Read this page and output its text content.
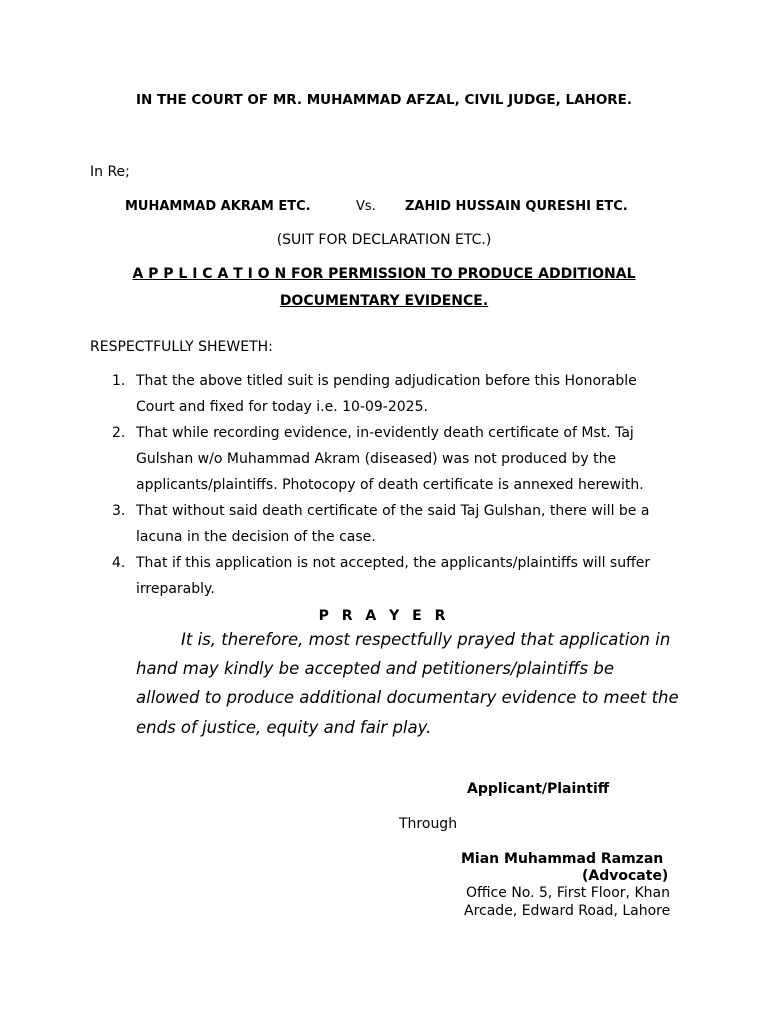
IN THE COURT OF MR. MUHAMMAD AFZAL, CIVIL JUDGE, LAHORE.
In Re;
MUHAMMAD AKRAM ETC.	Vs. ZAHID HUSSAIN QURESHI ETC.
(SUIT FOR DECLARATION ETC.)
A P P L I C A T I O N FOR PERMISSION TO PRODUCE ADDITIONAL
DOCUMENTARY EVIDENCE.
RESPECTFULLY SHEWETH:
1. That the above titled suit is pending adjudication before this Honorable
Court and fixed for today i.e. 10-09-2025.
2. That while recording evidence, in-evidently death certificate of Mst. Taj
Gulshan w/o Muhammad Akram (diseased) was not produced by the
applicants/plaintiffs. Photocopy of death certificate is annexed herewith.
3. That without said death certificate of the said Taj Gulshan, there will be a
lacuna in the decision of the case.
4. That if this application is not accepted, the applicants/plaintiffs will suffer
irreparably.
P R A Y E R
It is, therefore, most respectfully prayed that application in
hand may kindly be accepted and petitioners/plaintiffs be
allowed to produce additional documentary evidence to meet the
ends of justice, equity and fair play.
Applicant/Plaintiff
Through
Mian Muhammad Ramzan
(Advocate)
Office No. 5, First Floor, Khan
Arcade, Edward Road, Lahore
